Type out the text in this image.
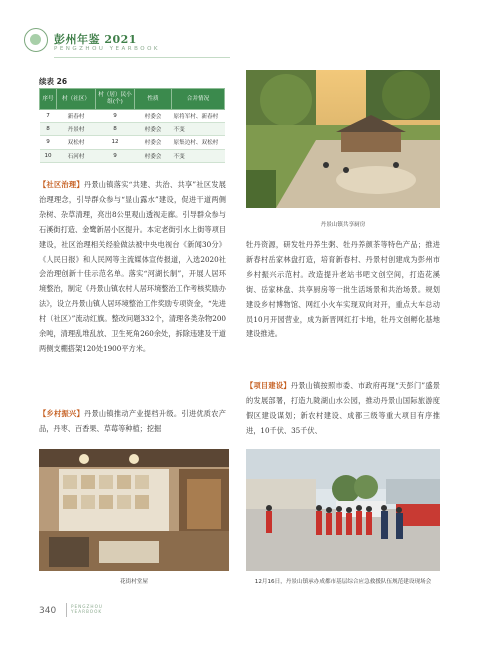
彭州年鉴 2021
PENGZHOU YEARBOOK
续表 26
序号	村（社区）	村（居）民小组(个)	性质	合并情况
7	新春村	9	村委会	原将军村、新春村
8	丹景村	8	村委会	不变
9	双松村	12	村委会	原集边村、双松村
10	石河村	9	村委会	不变
丹景山镇共享厨房
【社区治理】丹景山镇落实“共建、共治、共享”社区发展治理理念，引导群众参与“显山露水”建设，促进干道两侧杂树、杂草清理，亮出8公里观山透视走廊。引导群众参与石溪街打造、金鹭新居小区提升。本定老街引水上街等项目建设，社区治理相关经验做法被中央电视台《新闻30分》《人民日报》和人民网等主流媒体宣传报道，入选2020社会治理创新十佳示范名单。落实“河湖长制”，开展人居环境整治，制定《丹景山镇农村人居环境整治工作考核奖励办法》，设立丹景山镇人居环境整治工作奖励专项资金，“先进村（社区）”流动红旗。整改问题332个，清理各类杂物200余吨，清理乱堆乱放、卫生死角260余处，拆除违建及干道两侧支棚搭架120处1900平方米。
【乡村振兴】丹景山镇推动产业提档升级。引进优质农产品，丹枣、百香果、草莓等种植；挖掘
牡丹资源，研发牡丹养生粥、牡丹养颜茶等特色产品；推进新春村岳家林盘打造，培育新春村、丹景村创建成为彭州市乡村振兴示范村。改造提升老站书吧文创空间，打造花溪街、岳家林盘、共享厨房等一批生活场景和共治场景。规划建设乡村博物馆、网红小火车实现双向对开，重点大车总动员10月开园营业，成为新晋网红打卡地，牡丹文创孵化基地建设推进。
【项目建设】丹景山镇按照市委、市政府再现“天彭门”盛景的发展部署，打造九陇湖山水公园，推动丹景山国际旅游度假区建设谋划；新农村建设、成都三级等重大项目有序推进，10千伏、35千伏、
花街村堂屋	12月16日，丹景山镇承办成都市基层综合应急救援队伍规范建设现场会
340	PENGZHOU
YEARBOOK
